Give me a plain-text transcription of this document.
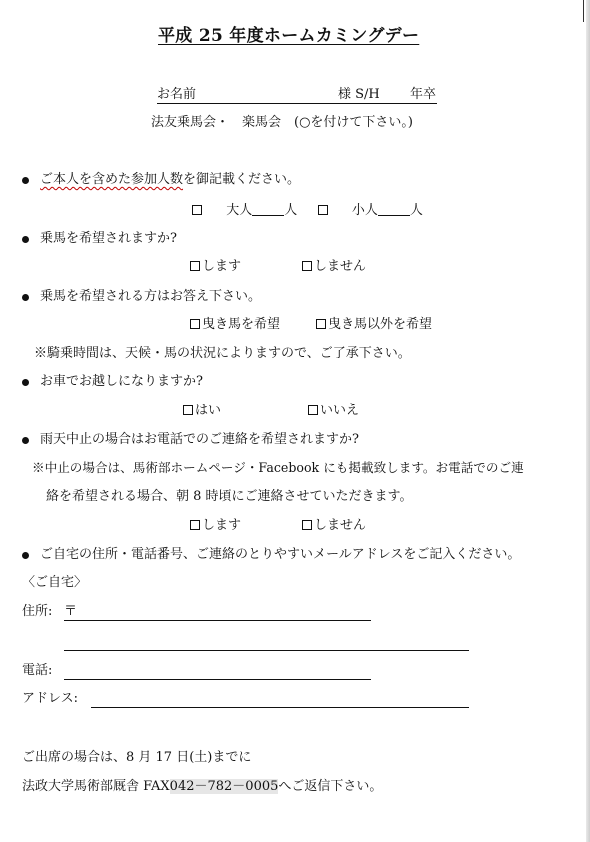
平成 25 年度ホームカミングデー
お名前	様 S/H 年卒
法友乗馬会・　楽馬会　(○を付けて下さい。)
ご本人を含めた参加人数を御記載ください。
大人 人	小人 人
乗馬を希望されますか?
します	しません
乗馬を希望される方はお答え下さい。
曳き馬を希望	曳き馬以外を希望
※騎乗時間は、天候・馬の状況によりますので、ご了承下さい。
お車でお越しになりますか?
はい	いいえ
雨天中止の場合はお電話でのご連絡を希望されますか?
※中止の場合は、馬術部ホームページ・Facebook にも掲載致します。お電話でのご連
絡を希望される場合、朝 8 時頃にご連絡させていただきます。
します	しません
ご自宅の住所・電話番号、ご連絡のとりやすいメールアドレスをご記入ください。
〈ご自宅〉
住所: 〒
電話:
アドレス:
ご出席の場合は、8 月 17 日(土)までに
法政大学馬術部厩舎 FAX042－782－0005へご返信下さい。
